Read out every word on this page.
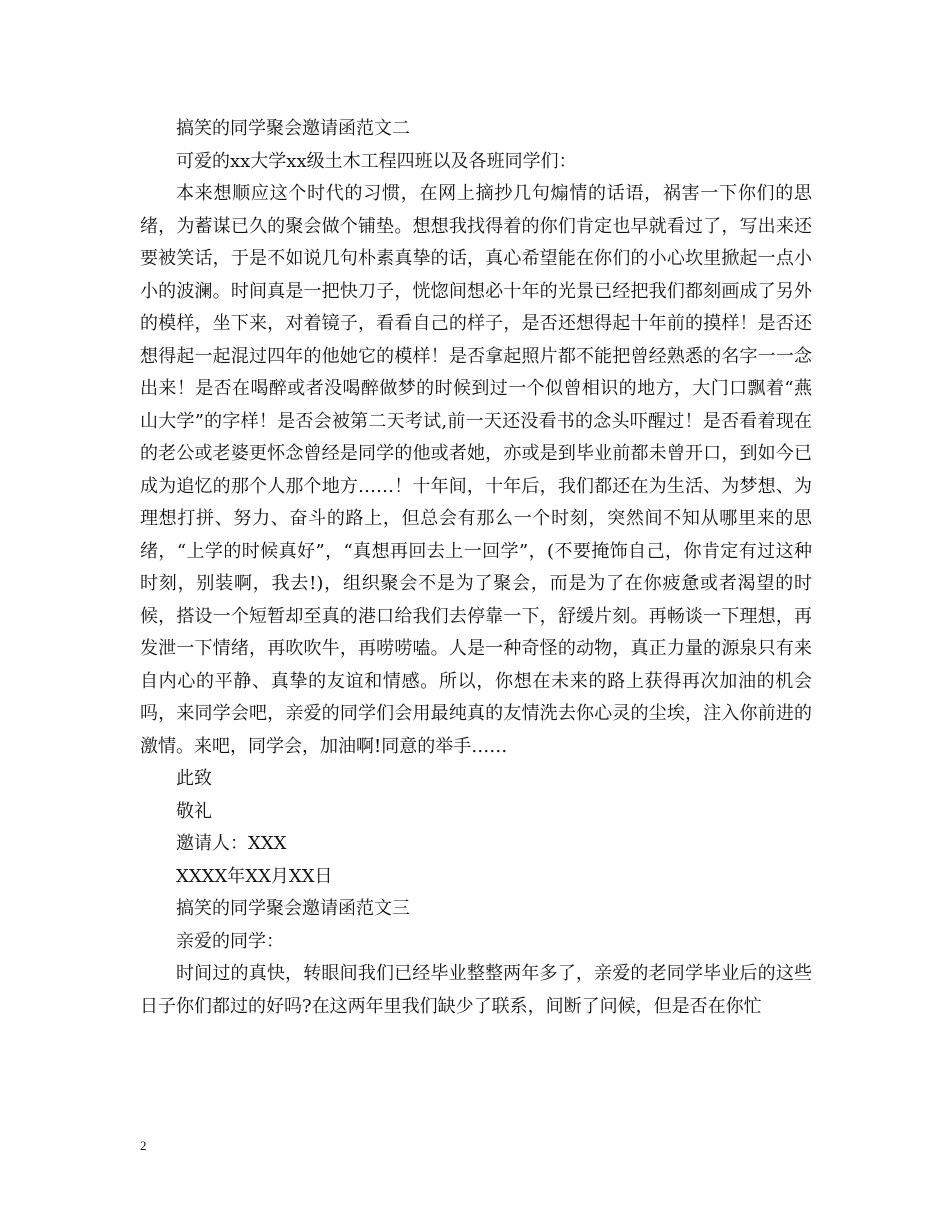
搞笑的同学聚会邀请函范文二

可爱的xx大学xx级土木工程四班以及各班同学们：

本来想顺应这个时代的习惯，在网上摘抄几句煽情的话语，祸害一下你们的思绪，为蓄谋已久的聚会做个铺垫。想想我找得着的你们肯定也早就看过了，写出来还要被笑话，于是不如说几句朴素真挚的话，真心希望能在你们的小心坎里掀起一点小小的波澜。时间真是一把快刀子，恍惚间想必十年的光景已经把我们都刻画成了另外的模样，坐下来，对着镜子，看看自己的样子，是否还想得起十年前的摸样！是否还想得起一起混过四年的他她它的模样！是否拿起照片都不能把曾经熟悉的名字一一念出来！是否在喝醉或者没喝醉做梦的时候到过一个似曾相识的地方，大门口飘着“燕山大学”的字样！是否会被第二天考试,前一天还没看书的念头吓醒过！是否看着现在的老公或老婆更怀念曾经是同学的他或者她，亦或是到毕业前都未曾开口，到如今已成为追忆的那个人那个地方……！十年间，十年后，我们都还在为生活、为梦想、为理想打拼、努力、奋斗的路上，但总会有那么一个时刻，突然间不知从哪里来的思绪，“上学的时候真好”，“真想再回去上一回学”，(不要掩饰自己，你肯定有过这种时刻，别装啊，我去!)，组织聚会不是为了聚会，而是为了在你疲惫或者渴望的时候，搭设一个短暂却至真的港口给我们去停靠一下，舒缓片刻。再畅谈一下理想，再发泄一下情绪，再吹吹牛，再唠唠嗑。人是一种奇怪的动物，真正力量的源泉只有来自内心的平静、真挚的友谊和情感。所以，你想在未来的路上获得再次加油的机会吗，来同学会吧，亲爱的同学们会用最纯真的友情洗去你心灵的尘埃，注入你前进的激情。来吧，同学会，加油啊!同意的举手……

此致

敬礼

邀请人：XXX

XXXX年XX月XX日

搞笑的同学聚会邀请函范文三

亲爱的同学：

时间过的真快，转眼间我们已经毕业整整两年多了，亲爱的老同学毕业后的这些日子你们都过的好吗?在这两年里我们缺少了联系，间断了问候，但是否在你忙

2
